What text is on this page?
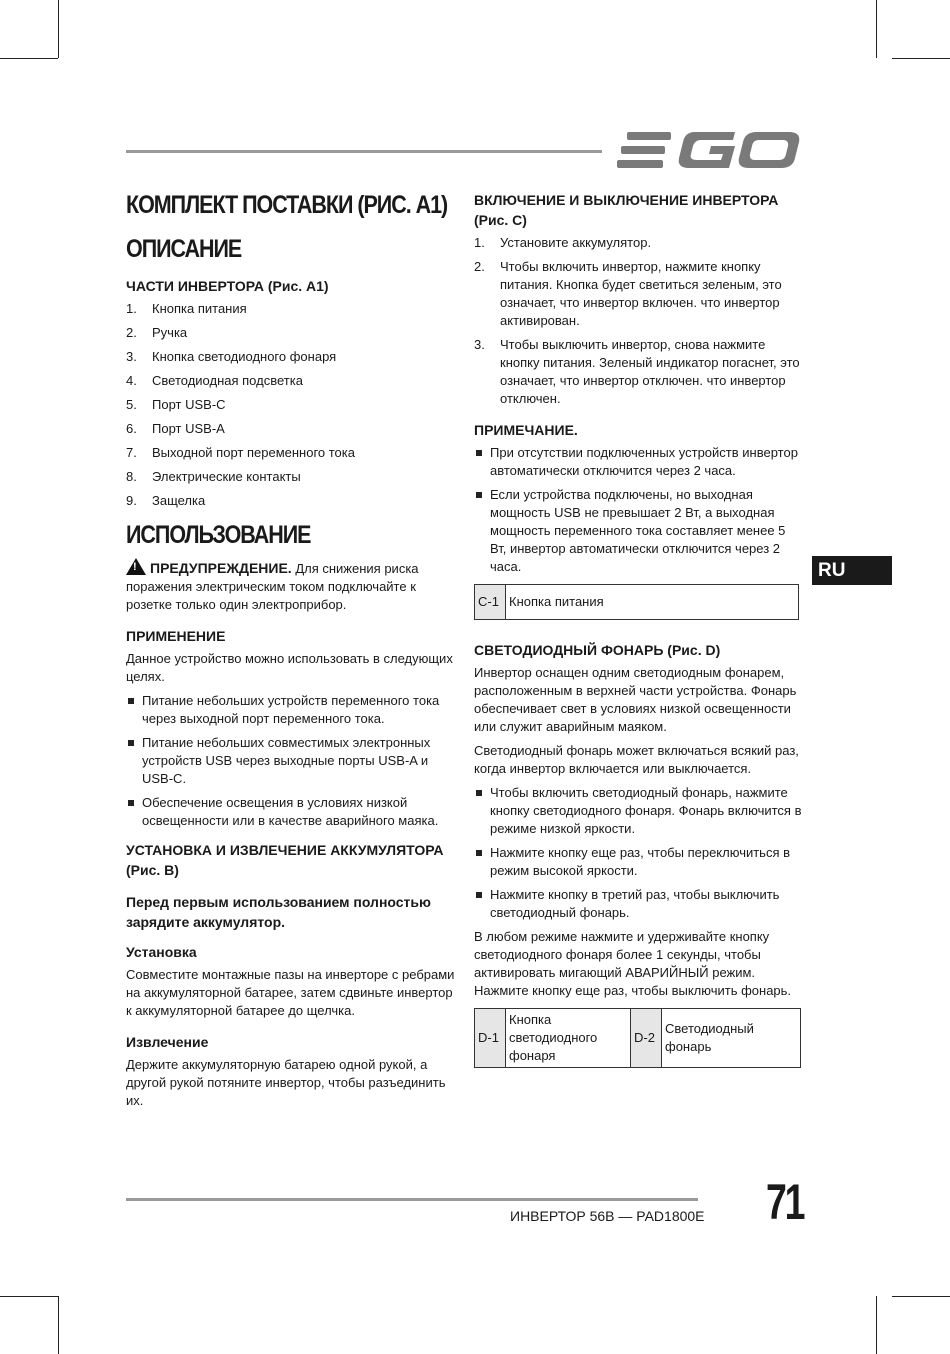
КОМПЛЕКТ ПОСТАВКИ (РИС. A1)
ОПИСАНИЕ
ЧАСТИ ИНВЕРТОРА (Рис. A1)
1. Кнопка питания
2. Ручка
3. Кнопка светодиодного фонаря
4. Светодиодная подсветка
5. Порт USB-C
6. Порт USB-A
7. Выходной порт переменного тока
8. Электрические контакты
9. Защелка
ИСПОЛЬЗОВАНИЕ

! ПРЕДУПРЕЖДЕНИЕ. Для снижения риска поражения электрическим током подключайте к розетке только один электроприбор.

ПРИМЕНЕНИЕ

Данное устройство можно использовать в следующих целях.

Питание небольших устройств переменного тока через выходной порт переменного тока.
Питание небольших совместимых электронных устройств USB через выходные порты USB-A и USB-C.
Обеспечение освещения в условиях низкой освещенности или в качестве аварийного маяка.
УСТАНОВКА И ИЗВЛЕЧЕНИЕ АККУМУЛЯТОРА (Рис. B)
Перед первым использованием полностью зарядите аккумулятор.
Установка

Совместите монтажные пазы на инверторе с ребрами на аккумуляторной батарее, затем сдвиньте инвертор к аккумуляторной батарее до щелчка.

Извлечение

Держите аккумуляторную батарею одной рукой, а другой рукой потяните инвертор, чтобы разъединить их.

ВКЛЮЧЕНИЕ И ВЫКЛЮЧЕНИЕ ИНВЕРТОРА (Рис. C)
1. Установите аккумулятор.
2. Чтобы включить инвертор, нажмите кнопку питания. Кнопка будет светиться зеленым, это означает, что инвертор включен. что инвертор активирован.
3. Чтобы выключить инвертор, снова нажмите кнопку питания. Зеленый индикатор погаснет, это означает, что инвертор отключен. что инвертор отключен.
ПРИМЕЧАНИЕ.
При отсутствии подключенных устройств инвертор автоматически отключится через 2 часа.
Если устройства подключены, но выходная мощность USB не превышает 2 Вт, а выходная мощность переменного тока составляет менее 5 Вт, инвертор автоматически отключится через 2 часа.
C-1	Кнопка питания
СВЕТОДИОДНЫЙ ФОНАРЬ (Рис. D)

Инвертор оснащен одним светодиодным фонарем, расположенным в верхней части устройства. Фонарь обеспечивает свет в условиях низкой освещенности или служит аварийным маяком.

Светодиодный фонарь может включаться всякий раз, когда инвертор включается или выключается.

Чтобы включить светодиодный фонарь, нажмите кнопку светодиодного фонаря. Фонарь включится в режиме низкой яркости.
Нажмите кнопку еще раз, чтобы переключиться в режим высокой яркости.
Нажмите кнопку в третий раз, чтобы выключить светодиодный фонарь.

В любом режиме нажмите и удерживайте кнопку светодиодного фонаря более 1 секунды, чтобы активировать мигающий АВАРИЙНЫЙ режим. Нажмите кнопку еще раз, чтобы выключить фонарь.

D-1	Кнопка светодиодного фонаря	D-2	Светодиодный фонарь
RU
ИНВЕРТОР 56В — PAD1800E 71
